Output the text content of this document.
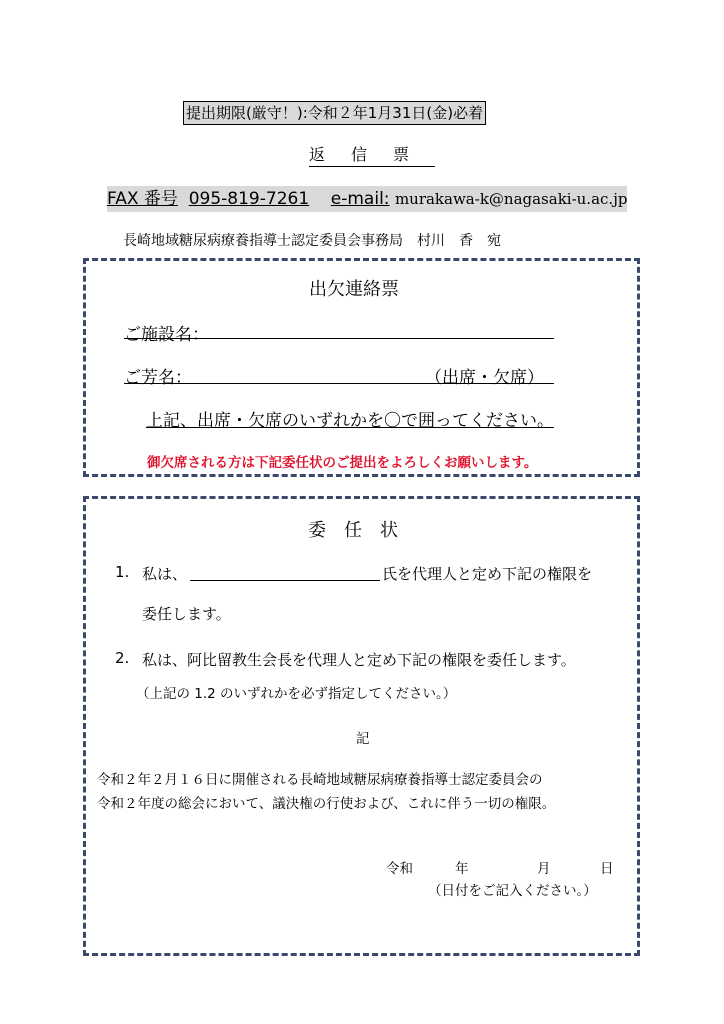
提出期限(厳守！):令和２年1月31日(金)必着
返信票
FAX 番号 095-819-7261 e-mail: murakawa-k@nagasaki-u.ac.jp
長崎地域糖尿病療養指導士認定委員会事務局　村川　香　宛
出欠連絡票
ご施設名：
ご芳名：	（出席・欠席）
上記、出席・欠席のいずれかを〇で囲ってください。
御欠席される方は下記委任状のご提出をよろしくお願いします。
委　任　状
1. 私は、	氏を代理人と定め下記の権限を
委任します。
2. 私は、阿比留教生会長を代理人と定め下記の権限を委任します。
（上記の 1.2 のいずれかを必ず指定してください。）
記
令和２年２月１６日に開催される長崎地域糖尿病療養指導士認定委員会の
令和２年度の総会において、議決権の行使および、これに伴う一切の権限。
令和	年	月	日
（日付をご記入ください。）
